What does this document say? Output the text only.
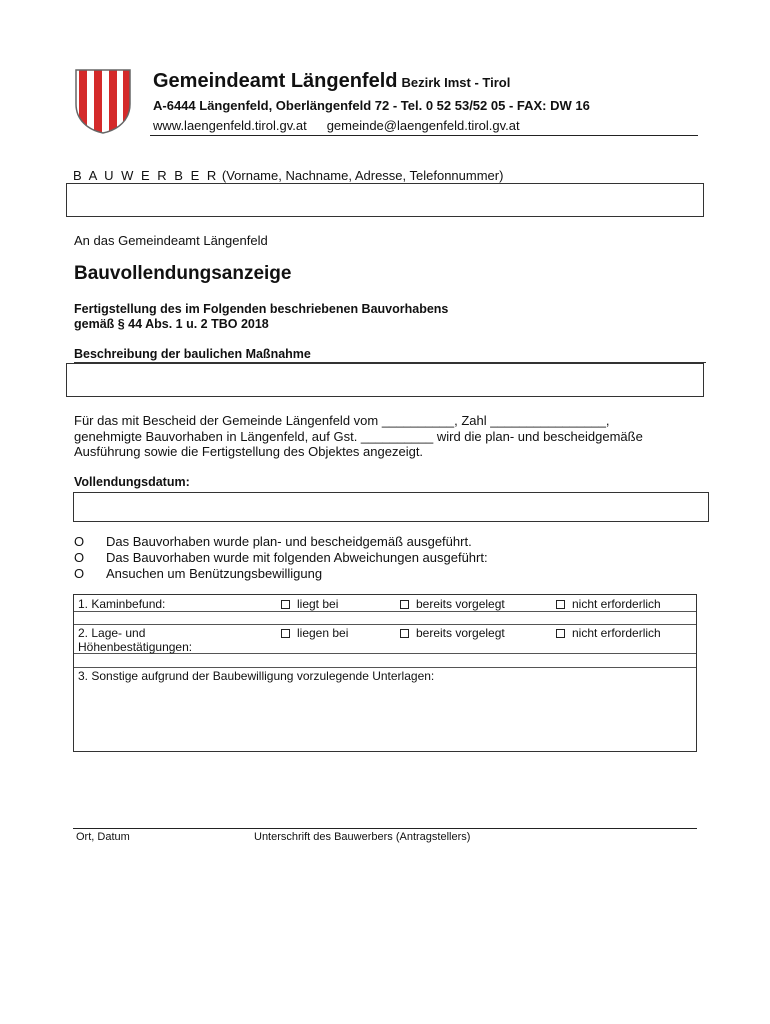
Gemeindeamt Längenfeld Bezirk Imst - Tirol
A-6444 Längenfeld, Oberlängenfeld 72 - Tel. 0 52 53/52 05 - FAX: DW 16
www.laengenfeld.tirol.gv.at gemeinde@laengenfeld.tirol.gv.at
B A U W E R B E R (Vorname, Nachname, Adresse, Telefonnummer)
An das Gemeindeamt Längenfeld
Bauvollendungsanzeige
Fertigstellung des im Folgenden beschriebenen Bauvorhabens
gemäß § 44 Abs. 1 u. 2 TBO 2018
Beschreibung der baulichen Maßnahme
Für das mit Bescheid der Gemeinde Längenfeld vom __________, Zahl ________________,
genehmigte Bauvorhaben in Längenfeld, auf Gst. __________ wird die plan- und bescheidgemäße
Ausführung sowie die Fertigstellung des Objektes angezeigt.
Vollendungsdatum:
O Das Bauvorhaben wurde plan- und bescheidgemäß ausgeführt.
O Das Bauvorhaben wurde mit folgenden Abweichungen ausgeführt:
O Ansuchen um Benützungsbewilligung
1. Kaminbefund:	liegt bei	bereits vorgelegt	nicht erforderlich
2. Lage- und
Höhenbestätigungen:
liegen bei	bereits vorgelegt	nicht erforderlich
3. Sonstige aufgrund der Baubewilligung vorzulegende Unterlagen:
Ort, Datum	Unterschrift des Bauwerbers (Antragstellers)
